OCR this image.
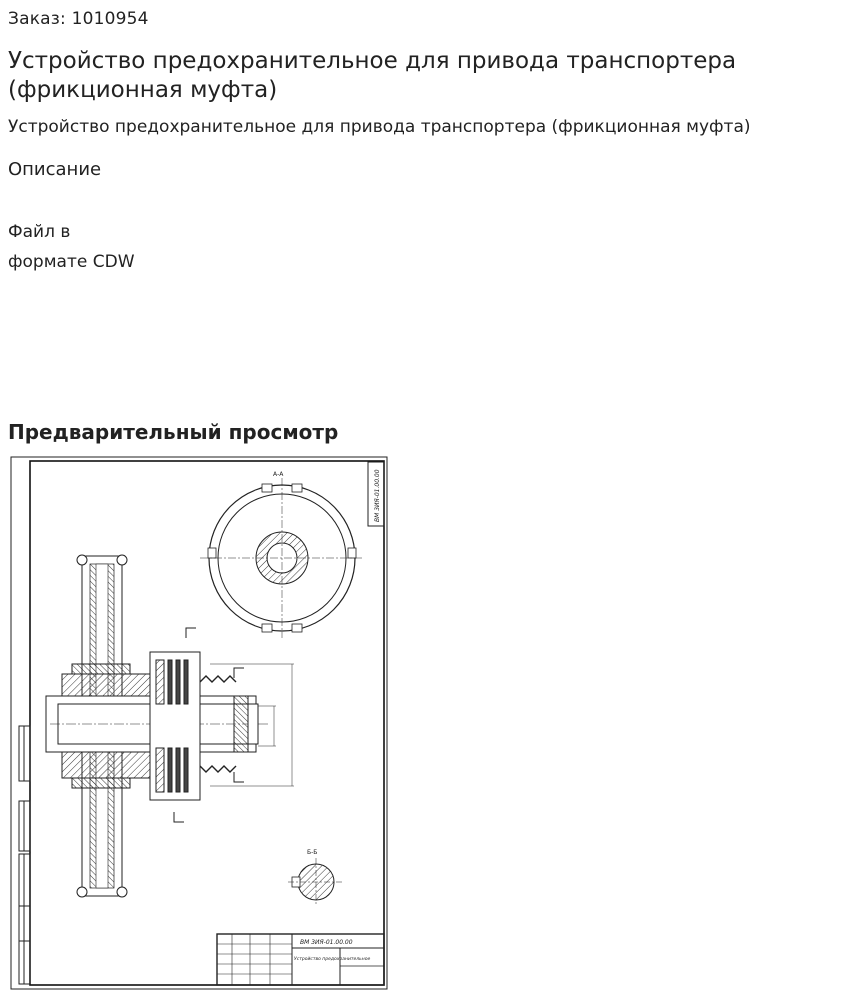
Заказ: 1010954
Устройство предохранительное для привода транспортера (фрикционная муфта)
Устройство предохранительное для привода транспортера (фрикционная муфта)
Описание
Файл в
формате CDW
Предварительный просмотр
ВМ 3ИЯ-01.00.00
А-А
Б-Б
ВМ 3ИЯ-01.00.00
Устройство предохранительное
